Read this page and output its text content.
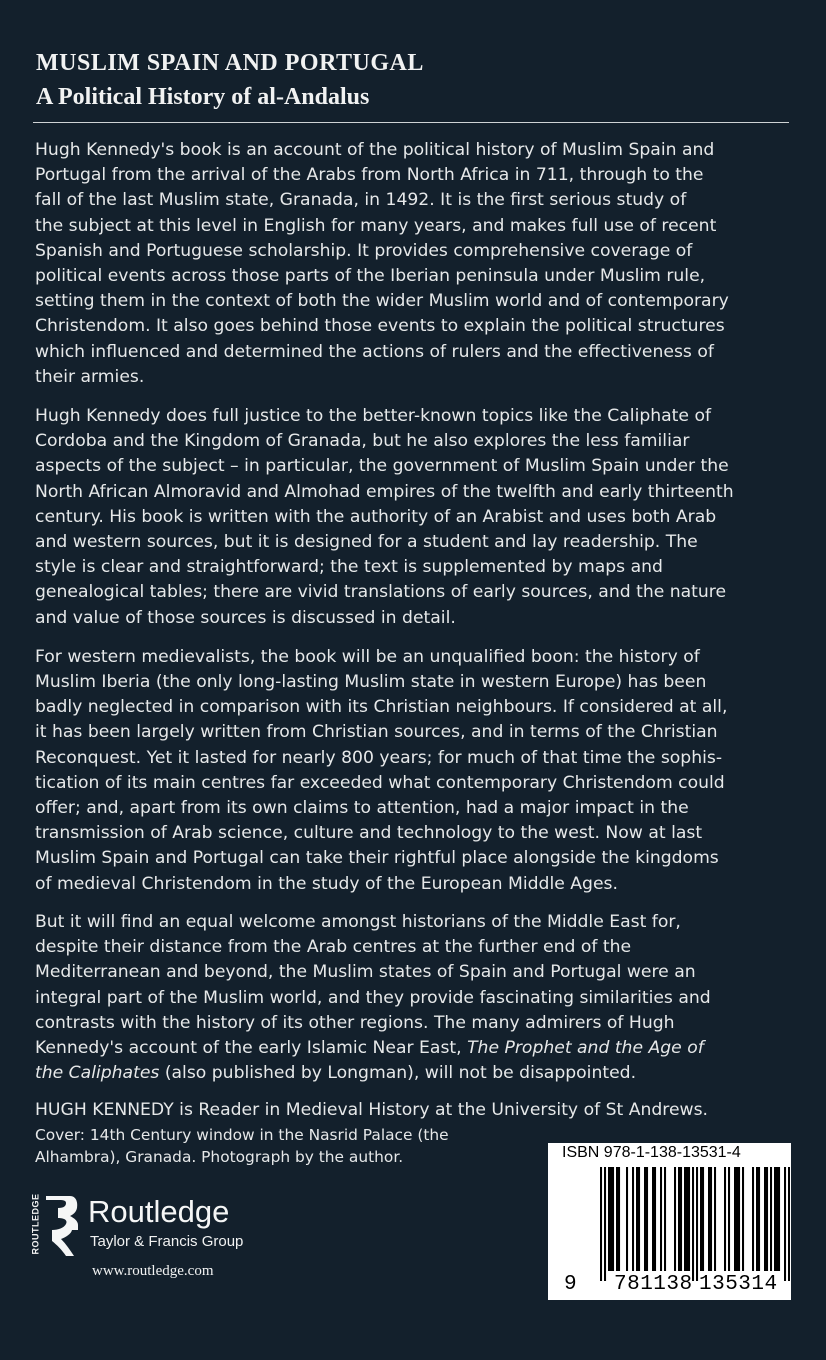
MUSLIM SPAIN AND PORTUGAL
A Political History of al-Andalus

Hugh Kennedy's book is an account of the political history of Muslim Spain and
Portugal from the arrival of the Arabs from North Africa in 711, through to the
fall of the last Muslim state, Granada, in 1492. It is the first serious study of
the subject at this level in English for many years, and makes full use of recent
Spanish and Portuguese scholarship. It provides comprehensive coverage of
political events across those parts of the Iberian peninsula under Muslim rule,
setting them in the context of both the wider Muslim world and of contemporary
Christendom. It also goes behind those events to explain the political structures
which influenced and determined the actions of rulers and the effectiveness of
their armies.

Hugh Kennedy does full justice to the better-known topics like the Caliphate of
Cordoba and the Kingdom of Granada, but he also explores the less familiar
aspects of the subject – in particular, the government of Muslim Spain under the
North African Almoravid and Almohad empires of the twelfth and early thirteenth
century. His book is written with the authority of an Arabist and uses both Arab
and western sources, but it is designed for a student and lay readership. The
style is clear and straightforward; the text is supplemented by maps and
genealogical tables; there are vivid translations of early sources, and the nature
and value of those sources is discussed in detail.

For western medievalists, the book will be an unqualified boon: the history of
Muslim Iberia (the only long-lasting Muslim state in western Europe) has been
badly neglected in comparison with its Christian neighbours. If considered at all,
it has been largely written from Christian sources, and in terms of the Christian
Reconquest. Yet it lasted for nearly 800 years; for much of that time the sophis-
tication of its main centres far exceeded what contemporary Christendom could
offer; and, apart from its own claims to attention, had a major impact in the
transmission of Arab science, culture and technology to the west. Now at last
Muslim Spain and Portugal can take their rightful place alongside the kingdoms
of medieval Christendom in the study of the European Middle Ages.

But it will find an equal welcome amongst historians of the Middle East for,
despite their distance from the Arab centres at the further end of the
Mediterranean and beyond, the Muslim states of Spain and Portugal were an
integral part of the Muslim world, and they provide fascinating similarities and
contrasts with the history of its other regions. The many admirers of Hugh
Kennedy's account of the early Islamic Near East, The Prophet and the Age of
the Caliphates (also published by Longman), will not be disappointed.

HUGH KENNEDY is Reader in Medieval History at the University of St Andrews.

Cover: 14th Century window in the Nasrid Palace (the
Alhambra), Granada. Photograph by the author.
ROUTLEDGE Routledge
Taylor & Francis Group
www.routledge.com
ISBN 978-1-138-13531-4
9 781138 135314
